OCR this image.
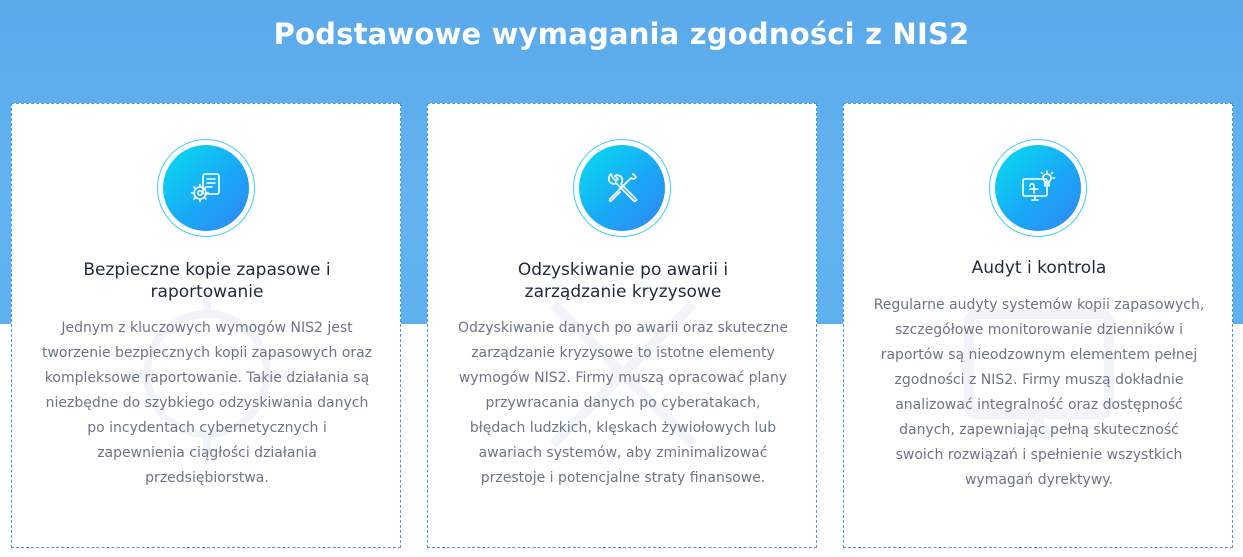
Podstawowe wymagania zgodności z NIS2
Bezpieczne kopie zapasowe i
raportowanie
Jednym z kluczowych wymogów NIS2 jest
tworzenie bezpiecznych kopii zapasowych oraz
kompleksowe raportowanie. Takie działania są
niezbędne do szybkiego odzyskiwania danych
po incydentach cybernetycznych i
zapewnienia ciągłości działania
przedsiębiorstwa.
Odzyskiwanie po awarii i
zarządzanie kryzysowe
Odzyskiwanie danych po awarii oraz skuteczne
zarządzanie kryzysowe to istotne elementy
wymogów NIS2. Firmy muszą opracować plany
przywracania danych po cyberatakach,
błędach ludzkich, klęskach żywiołowych lub
awariach systemów, aby zminimalizować
przestoje i potencjalne straty finansowe.
Audyt i kontrola
Regularne audyty systemów kopii zapasowych,
szczegółowe monitorowanie dzienników i
raportów są nieodzownym elementem pełnej
zgodności z NIS2. Firmy muszą dokładnie
analizować integralność oraz dostępność
danych, zapewniając pełną skuteczność
swoich rozwiązań i spełnienie wszystkich
wymagań dyrektywy.
